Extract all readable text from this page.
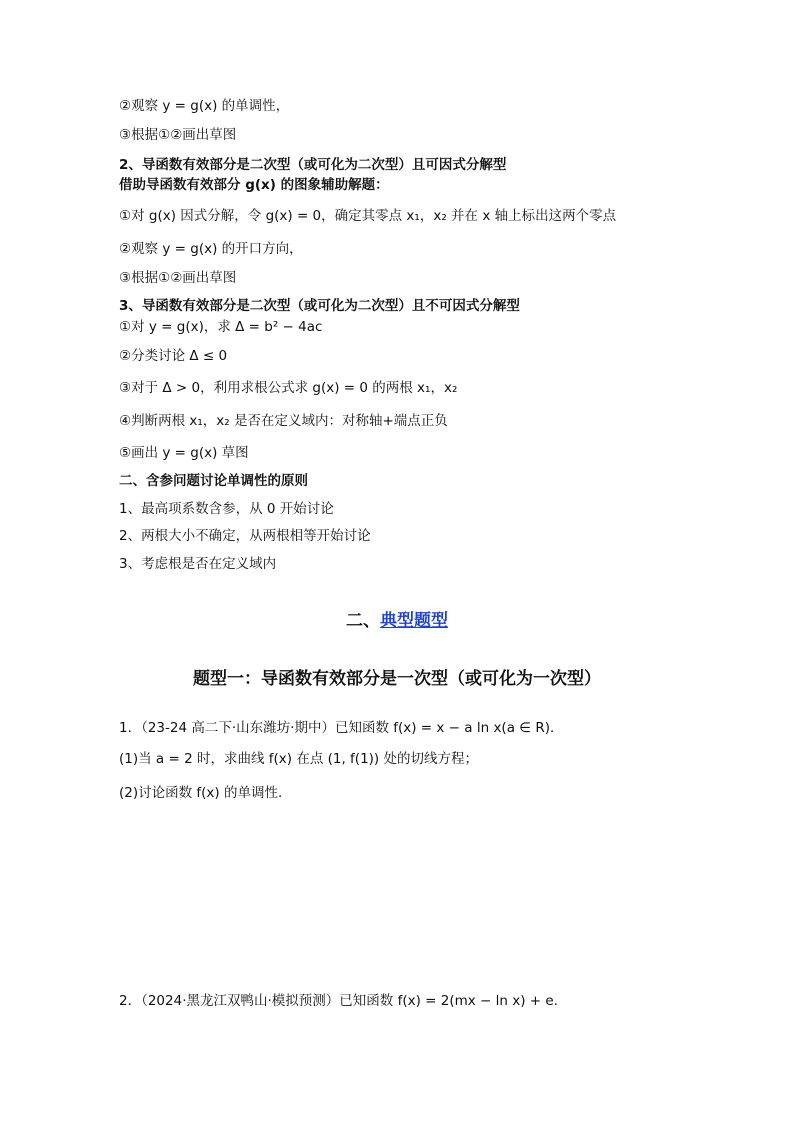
②观察 y = g(x) 的单调性，
③根据①②画出草图
2、导函数有效部分是二次型（或可化为二次型）且可因式分解型
借助导函数有效部分 g(x) 的图象辅助解题：
①对 g(x) 因式分解，令 g(x) = 0，确定其零点 x₁，x₂ 并在 x 轴上标出这两个零点
②观察 y = g(x) 的开口方向，
③根据①②画出草图
3、导函数有效部分是二次型（或可化为二次型）且不可因式分解型
①对 y = g(x)，求 Δ = b² − 4ac
②分类讨论 Δ ≤ 0
③对于 Δ > 0，利用求根公式求 g(x) = 0 的两根 x₁，x₂
④判断两根 x₁，x₂ 是否在定义域内：对称轴+端点正负
⑤画出 y = g(x) 草图
二、含参问题讨论单调性的原则
1、最高项系数含参，从 0 开始讨论
2、两根大小不确定，从两根相等开始讨论
3、考虑根是否在定义域内
二、典型题型
题型一：导函数有效部分是一次型（或可化为一次型）
1．（23-24 高二下·山东潍坊·期中）已知函数 f(x) = x − a ln x(a ∈ R)．
(1)当 a = 2 时，求曲线 f(x) 在点 (1, f(1)) 处的切线方程；
(2)讨论函数 f(x) 的单调性.
2．（2024·黑龙江双鸭山·模拟预测）已知函数 f(x) = 2(mx − ln x) + e.
